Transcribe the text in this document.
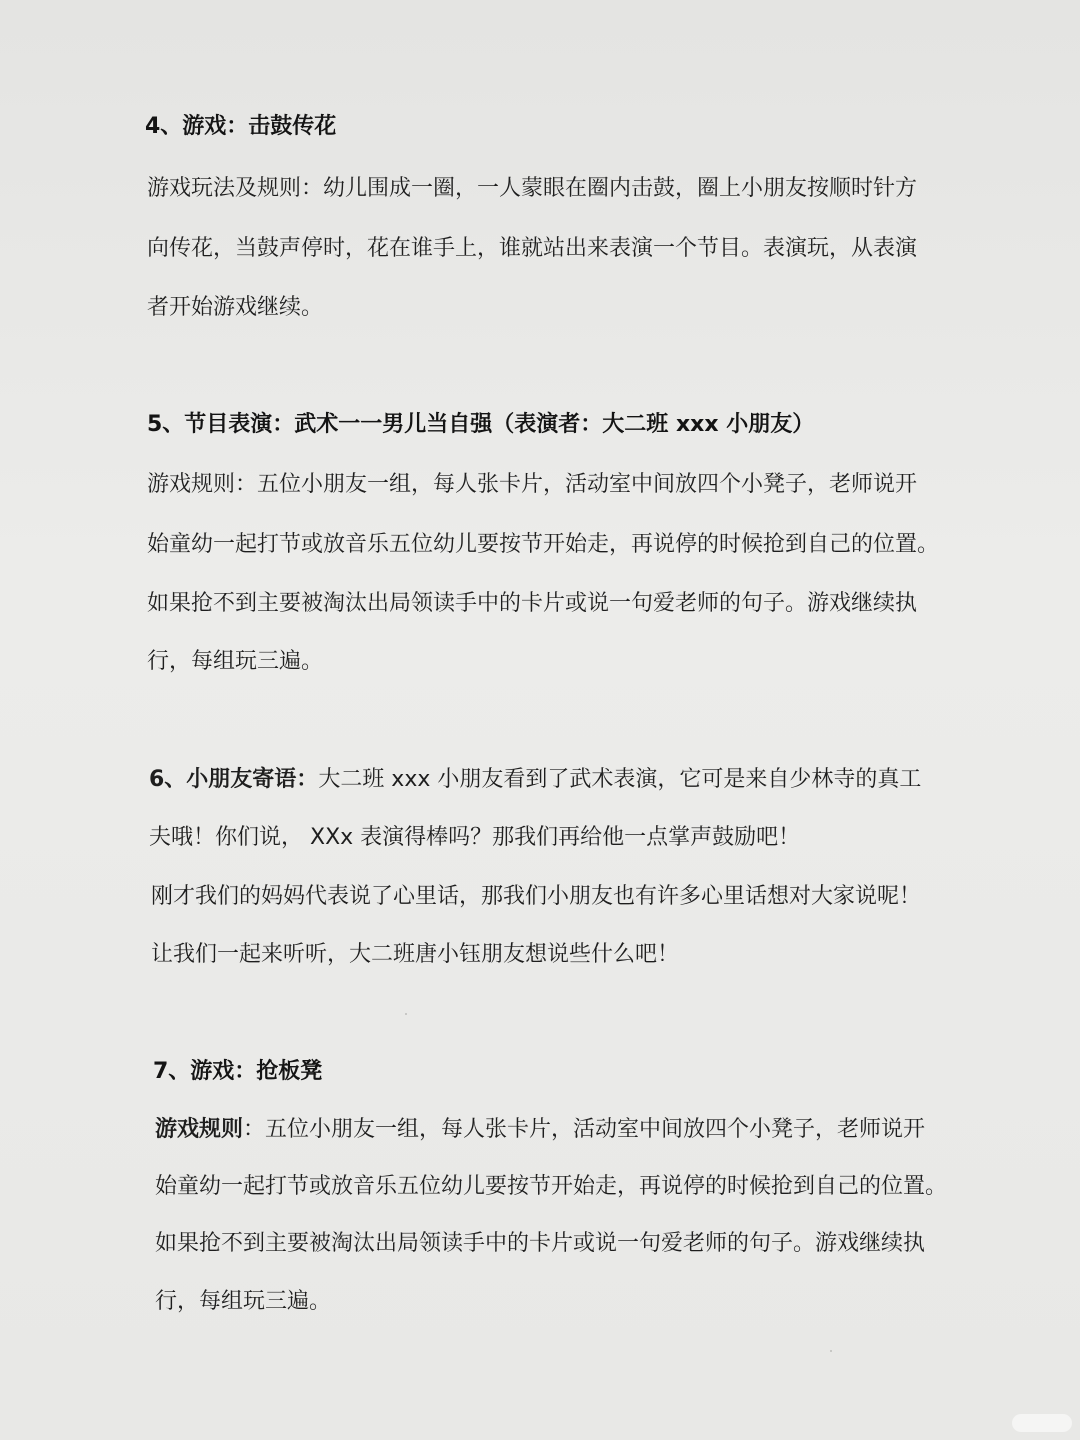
4、游戏：击鼓传花
游戏玩法及规则：幼儿围成一圈，一人蒙眼在圈内击鼓，圈上小朋友按顺时针方
向传花，当鼓声停时，花在谁手上，谁就站出来表演一个节目。表演玩，从表演
者开始游戏继续。
5、节目表演：武术一一男儿当自强（表演者：大二班 xxx 小朋友）
游戏规则：五位小朋友一组，每人张卡片，活动室中间放四个小凳子，老师说开
始童幼一起打节或放音乐五位幼儿要按节开始走，再说停的时候抢到自己的位置。
如果抢不到主要被淘汰出局领读手中的卡片或说一句爱老师的句子。游戏继续执
行，每组玩三遍。
6、小朋友寄语：大二班 xxx 小朋友看到了武术表演，它可是来自少林寺的真工
夫哦！你们说， XXx 表演得棒吗？那我们再给他一点掌声鼓励吧！
刚才我们的妈妈代表说了心里话，那我们小朋友也有许多心里话想对大家说呢！
让我们一起来听听，大二班唐小钰朋友想说些什么吧！
7、游戏：抢板凳
游戏规则：五位小朋友一组，每人张卡片，活动室中间放四个小凳子，老师说开
始童幼一起打节或放音乐五位幼儿要按节开始走，再说停的时候抢到自己的位置。
如果抢不到主要被淘汰出局领读手中的卡片或说一句爱老师的句子。游戏继续执
行，每组玩三遍。
